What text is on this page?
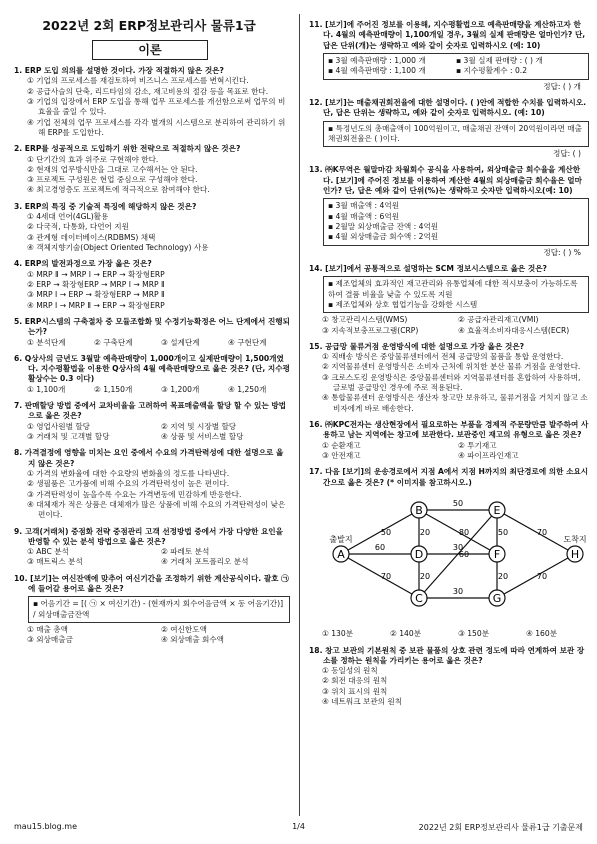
2022년 2회 ERP정보관리사 물류1급
이론
1. ERP 도입 의의를 설명한 것이다. 가장 적절하지 않은 것은?
① 기업의 프로세스를 재검토하여 비즈니스 프로세스를 변혁시킨다.
② 공급사슬의 단축, 리드타임의 감소, 재고비용의 절감 등을 목표로 한다.
③ 기업의 입장에서 ERP 도입을 통해 업무 프로세스를 개선함으로써 업무의 비효율을 줄일 수 있다.
④ 기업 전체의 업무 프로세스를 각각 별개의 시스템으로 분리하여 관리하기 위해 ERP를 도입한다.
2. ERP를 성공적으로 도입하기 위한 전략으로 적절하지 않은 것은?
① 단기간의 효과 위주로 구현해야 한다.
② 현재의 업무방식만을 그대로 고수해서는 안 된다.
③ 프로젝트 구성원은 현업 중심으로 구성해야 한다.
④ 최고경영층도 프로젝트에 적극적으로 참여해야 한다.
3. ERP의 특징 중 기술적 특징에 해당하지 않은 것은?
① 4세대 언어(4GL)활용
② 다국적, 다통화, 다언어 지원
③ 관계형 데이터베이스(RDBMS) 채택
④ 객체지향기술(Object Oriented Technology) 사용
4. ERP의 발전과정으로 가장 옳은 것은?
① MRP Ⅱ → MRP Ⅰ → ERP → 확장형ERP
② ERP → 확장형ERP → MRP Ⅰ → MRP Ⅱ
③ MRP Ⅰ → ERP → 확장형ERP → MRP Ⅱ
④ MRP Ⅰ → MRP Ⅱ → ERP → 확장형ERP
5. ERP시스템의 구축절차 중 모듈조합화 및 수정기능확정은 어느 단계에서 진행되는가?
① 분석단계	② 구축단계	③ 설계단계	④ 구현단계
6. Q상사의 금년도 3월말 예측판매량이 1,000개이고 실제판매량이 1,500개였다. 지수평활법을 이용한 Q상사의 4월 예측판매량으로 옳은 것은? (단, 지수평활상수는 0.3 이다)
① 1,100개	② 1,150개	③ 1,200개	④ 1,250개
7. 판매할당 방법 중에서 교차비율을 고려하여 목표매출액을 할당 할 수 있는 방법으로 옳은 것은?
① 영업사원별 할당	② 지역 및 시장별 할당
③ 거래처 및 고객별 할당	④ 상품 및 서비스별 할당
8. 가격결정에 영향을 미치는 요인 중에서 수요의 가격탄력성에 대한 설명으로 옳지 않은 것은?
① 가격의 변화율에 대한 수요량의 변화율의 정도를 나타낸다.
② 생필품은 고가품에 비해 수요의 가격탄력성이 높은 편이다.
③ 가격탄력성이 높을수록 수요는 가격변동에 민감하게 반응한다.
④ 대체재가 적은 상품은 대체재가 많은 상품에 비해 수요의 가격탄력성이 낮은 편이다.
9. 고객(거래처) 중점화 전략 중점관리 고객 선정방법 중에서 가장 다양한 요인을 반영할 수 있는 분석 방법으로 옳은 것은?
① ABC 분석	② 파레토 분석
③ 매트릭스 분석	④ 거래처 포트폴리오 분석
10. [보기]는 여신잔액에 맞추어 여신기간을 조정하기 위한 계산공식이다. 괄호 ㉠ 에 들어갈 용어로 옳은 것은?
▪ 어음기간 = [( ㉠ × 여신기간) - (현재까지 회수어음금액 × 동 어음기간)] / 외상매출금잔액
① 매출 총액	② 여신한도액
③ 외상매출금	④ 외상매출 회수액
11. [보기]에 주어진 정보를 이용해, 지수평활법으로 예측판매량을 계산하고자 한다. 4월의 예측판매량이 1,100개일 경우, 3월의 실제 판매량은 얼마인가? 단, 답은 단위(개)는 생략하고 예와 같이 숫자로 입력하시오 (예: 10)
▪ 3월 예측판매량 : 1,000 개	▪ 3월 실제 판매량 : ( ) 개
▪ 4월 예측판매량 : 1,100 개	▪ 지수평활계수 : 0.2
정답: ( ) 개
12. [보기]는 매출채권회전율에 대한 설명이다. ( )안에 적합한 수치를 입력하시오. 단, 답은 단위는 생략하고, 예와 같이 숫자로 입력하시오. (예: 10)
▪ 특정년도의 총매출액이 100억원이고, 매출채권 잔액이 20억원이라면 매출채권회전율은 ( )이다.
정답: ( )
13. ㈜K무역은 월말마감 차월회수 공식을 사용하여, 외상매출금 회수율을 계산한다. [보기]에 주어진 정보를 이용하여 계산한 4월의 외상매출금 회수율은 얼마인가? 단, 답은 예와 같이 단위(%)는 생략하고 숫자만 입력하시오(예: 10)
▪ 3월 매출액 : 4억원
▪ 4월 매출액 : 6억원
▪ 2월말 외상매출금 잔액 : 4억원
▪ 4월 외상매출금 회수액 : 2억원
정답: ( ) %
14. [보기]에서 공통적으로 설명하는 SCM 정보시스템으로 옳은 것은?
▪ 제조업체의 효과적인 재고관리와 유통업체에 대한 적시보충이 가능하도록 하여 결품 비율을 낮출 수 있도록 지원
▪ 제조업체와 상호 협업기능을 강화한 시스템
① 창고관리시스템(WMS)	② 공급자관리재고(VMI)
③ 지속적보충프로그램(CRP)	④ 효율적소비자대응시스템(ECR)
15. 공급망 물류거점 운영방식에 대한 설명으로 가장 옳은 것은?
① 직배송 방식은 중앙물류센터에서 전체 공급망의 물품을 통합 운영한다.
② 지역물류센터 운영방식은 소비자 근처에 위치한 분산 물류 거점을 운영한다.
③ 크로스도킹 운영방식은 중앙물류센터와 지역물류센터를 혼합하여 사용하며, 글로벌 공급망인 경우에 주로 적용된다.
④ 통합물류센터 운영방식은 생산자 창고만 보유하고, 물류거점을 거치지 않고 소비자에게 바로 배송한다.
16. ㈜KPC전자는 생산현장에서 필요로하는 부품을 경제적 주문량만큼 발주하여 사용하고 남는 지역에는 창고에 보관한다. 보관중인 재고의 유형으로 옳은 것은?
① 순환재고	② 투기재고
③ 안전재고	④ 파이프라인재고
17. 다음 [보기]의 운송경로에서 지점 A에서 지점 H까지의 최단경로에 의한 소요시간으로 옳은 것은? (* 이미지를 참고하시오.)
50
60
70
50
20	80
30
20
30
60
20
70
70
50
A
B
C
D
E
F
G
H
출발지	도착지
① 130분	② 140분	③ 150분	④ 160분
18. 창고 보관의 기본원칙 중 보관 물품의 상호 관련 정도에 따라 연계하여 보관 장소를 정하는 원칙을 가리키는 용어로 옳은 것은?
① 동일성의 원칙
② 회전 대응의 원칙
③ 위치 표시의 원칙
④ 네트워크 보관의 원칙
mau15.blog.me	1/4	2022년 2회 ERP정보관리사 물류1급 기출문제
